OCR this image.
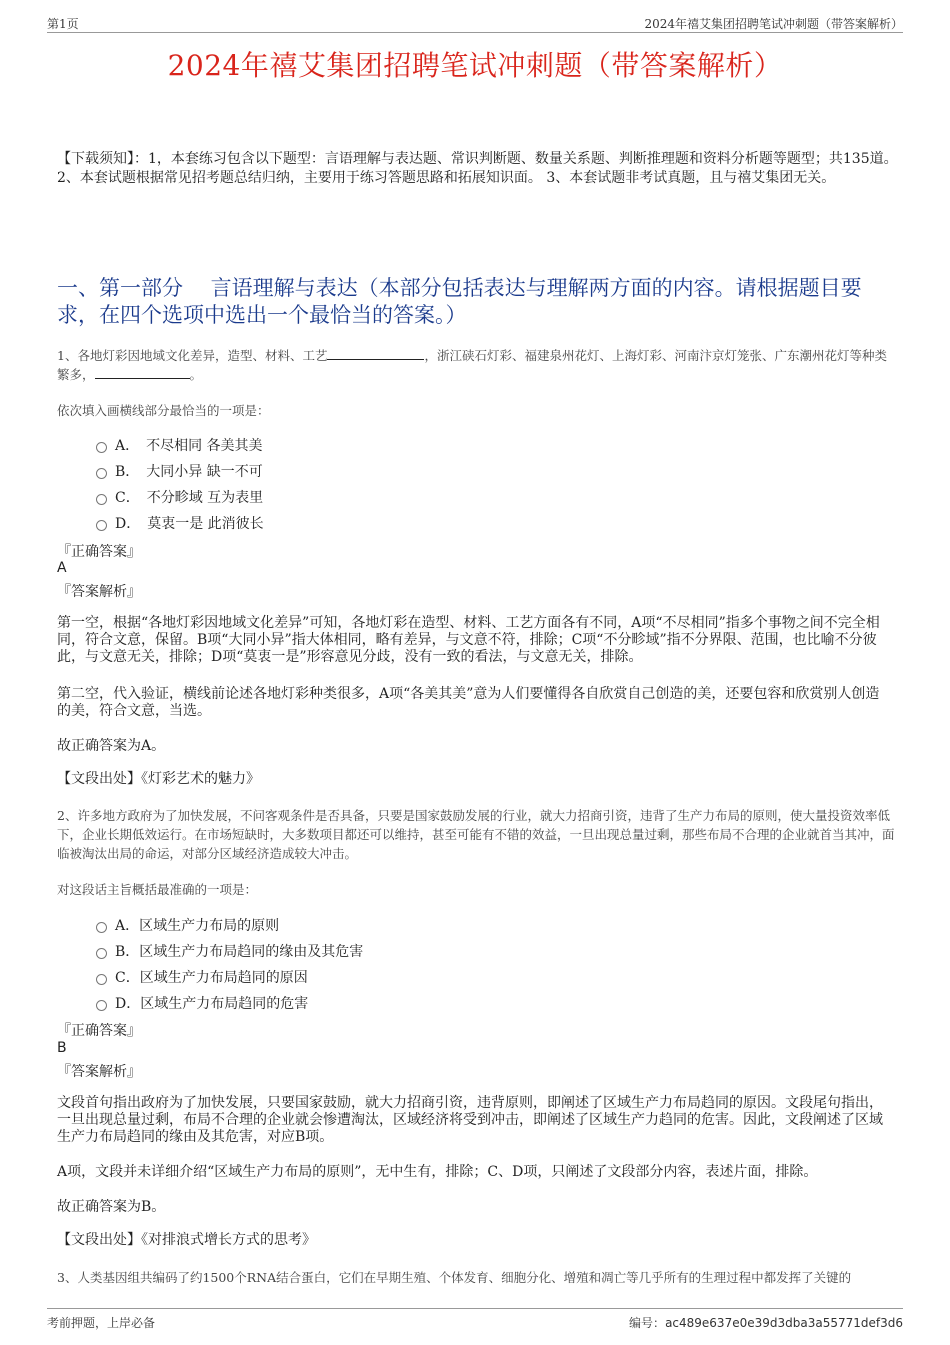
第1页	2024年禧艾集团招聘笔试冲刺题（带答案解析）
2024年禧艾集团招聘笔试冲刺题（带答案解析）
【下载须知】：1，本套练习包含以下题型：言语理解与表达题、常识判断题、数量关系题、判断推理题和资料分析题等题型；共135道。 2、本套试题根据常见招考题总结归纳，主要用于练习答题思路和拓展知识面。 3、本套试题非考试真题，且与禧艾集团无关。
一、第一部分　 言语理解与表达（本部分包括表达与理解两方面的内容。请根据题目要求，在四个选项中选出一个最恰当的答案。）
1、各地灯彩因地域文化差异，造型、材料、工艺	，浙江硖石灯彩、福建泉州花灯、上海灯彩、河南汴京灯笼张、广东潮州花灯等种类繁多，	。
依次填入画横线部分最恰当的一项是：
A．　不尽相同 各美其美
B．　大同小异 缺一不可
C．　不分畛域 互为表里
D．　莫衷一是 此消彼长
『正确答案』
A
『答案解析』
第一空，根据“各地灯彩因地域文化差异”可知，各地灯彩在造型、材料、工艺方面各有不同，A项“不尽相同”指多个事物之间不完全相同，符合文意，保留。B项“大同小异”指大体相同，略有差异，与文意不符，排除；C项“不分畛域”指不分界限、范围，也比喻不分彼此，与文意无关，排除；D项“莫衷一是”形容意见分歧，没有一致的看法，与文意无关，排除。
第二空，代入验证，横线前论述各地灯彩种类很多，A项“各美其美”意为人们要懂得各自欣赏自己创造的美，还要包容和欣赏别人创造的美，符合文意，当选。
故正确答案为A。
【文段出处】《灯彩艺术的魅力》
2、许多地方政府为了加快发展，不问客观条件是否具备，只要是国家鼓励发展的行业，就大力招商引资，违背了生产力布局的原则，使大量投资效率低下，企业长期低效运行。在市场短缺时，大多数项目都还可以维持，甚至可能有不错的效益，一旦出现总量过剩，那些布局不合理的企业就首当其冲，面临被淘汰出局的命运，对部分区域经济造成较大冲击。
对这段话主旨概括最准确的一项是：
A．区域生产力布局的原则
B．区域生产力布局趋同的缘由及其危害
C．区域生产力布局趋同的原因
D．区域生产力布局趋同的危害
『正确答案』
B
『答案解析』
文段首句指出政府为了加快发展，只要国家鼓励，就大力招商引资，违背原则，即阐述了区域生产力布局趋同的原因。文段尾句指出，一旦出现总量过剩，布局不合理的企业就会惨遭淘汰，区域经济将受到冲击，即阐述了区域生产力趋同的危害。因此，文段阐述了区域生产力布局趋同的缘由及其危害，对应B项。
A项，文段并未详细介绍“区域生产力布局的原则”，无中生有，排除；C、D项，只阐述了文段部分内容，表述片面，排除。
故正确答案为B。
【文段出处】《对排浪式增长方式的思考》
3、人类基因组共编码了约1500个RNA结合蛋白，它们在早期生殖、个体发育、细胞分化、增殖和凋亡等几乎所有的生理过程中都发挥了关键的
考前押题，上岸必备	编号：ac489e637e0e39d3dba3a55771def3d6
